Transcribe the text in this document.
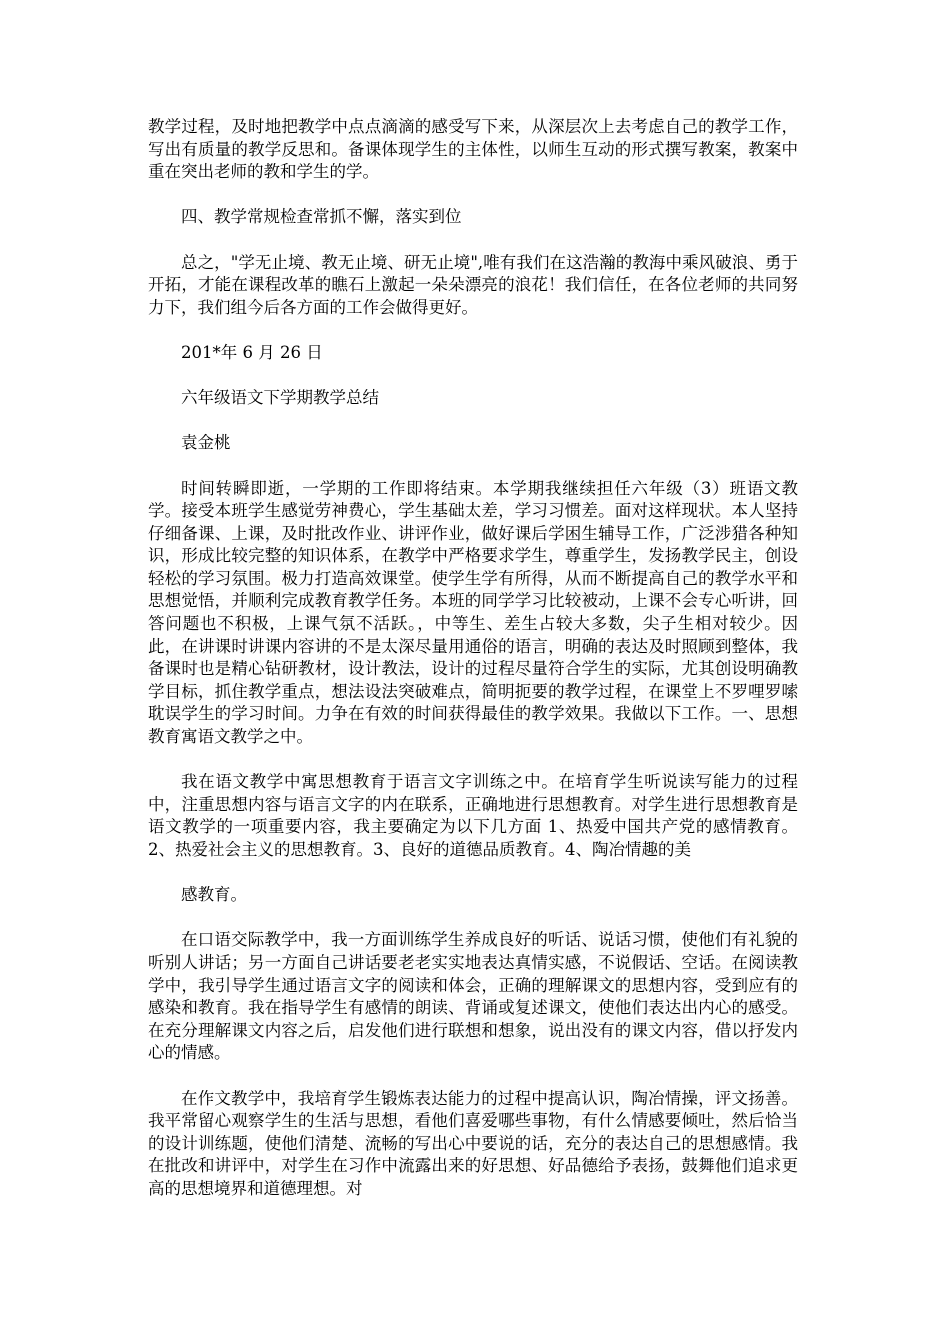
教学过程，及时地把教学中点点滴滴的感受写下来，从深层次上去考虑自己的教学工作，写出有质量的教学反思和。备课体现学生的主体性，以师生互动的形式撰写教案，教案中重在突出老师的教和学生的学。

四、教学常规检查常抓不懈，落实到位

总之，"学无止境、教无止境、研无止境",唯有我们在这浩瀚的教海中乘风破浪、勇于开拓，才能在课程改革的瞧石上激起一朵朵漂亮的浪花！我们信任，在各位老师的共同努力下，我们组今后各方面的工作会做得更好。

201*年 6 月 26 日

六年级语文下学期教学总结

袁金桃

时间转瞬即逝，一学期的工作即将结束。本学期我继续担任六年级（3）班语文教学。接受本班学生感觉劳神费心，学生基础太差，学习习惯差。面对这样现状。本人坚持仔细备课、上课，及时批改作业、讲评作业，做好课后学困生辅导工作，广泛涉猎各种知识，形成比较完整的知识体系，在教学中严格要求学生，尊重学生，发扬教学民主，创设轻松的学习氛围。极力打造高效课堂。使学生学有所得，从而不断提高自己的教学水平和思想觉悟，并顺利完成教育教学任务。本班的同学学习比较被动，上课不会专心听讲，回答问题也不积极，上课气氛不活跃。，中等生、差生占较大多数，尖子生相对较少。因此，在讲课时讲课内容讲的不是太深尽量用通俗的语言，明确的表达及时照顾到整体，我备课时也是精心钻研教材，设计教法，设计的过程尽量符合学生的实际，尤其创设明确教学目标，抓住教学重点，想法设法突破难点，简明扼要的教学过程，在课堂上不罗哩罗嗦耽误学生的学习时间。力争在有效的时间获得最佳的教学效果。我做以下工作。一、思想教育寓语文教学之中。

我在语文教学中寓思想教育于语言文字训练之中。在培育学生听说读写能力的过程中，注重思想内容与语言文字的内在联系，正确地进行思想教育。对学生进行思想教育是语文教学的一项重要内容，我主要确定为以下几方面 1、热爱中国共产党的感情教育。2、热爱社会主义的思想教育。3、良好的道德品质教育。4、陶冶情趣的美

感教育。

在口语交际教学中，我一方面训练学生养成良好的听话、说话习惯，使他们有礼貌的听别人讲话；另一方面自己讲话要老老实实地表达真情实感，不说假话、空话。在阅读教学中，我引导学生通过语言文字的阅读和体会，正确的理解课文的思想内容，受到应有的感染和教育。我在指导学生有感情的朗读、背诵或复述课文，使他们表达出内心的感受。在充分理解课文内容之后，启发他们进行联想和想象，说出没有的课文内容，借以抒发内心的情感。

在作文教学中，我培育学生锻炼表达能力的过程中提高认识，陶冶情操，评文扬善。我平常留心观察学生的生活与思想，看他们喜爱哪些事物，有什么情感要倾吐，然后恰当的设计训练题，使他们清楚、流畅的写出心中要说的话，充分的表达自己的思想感情。我在批改和讲评中，对学生在习作中流露出来的好思想、好品德给予表扬，鼓舞他们追求更高的思想境界和道德理想。对
